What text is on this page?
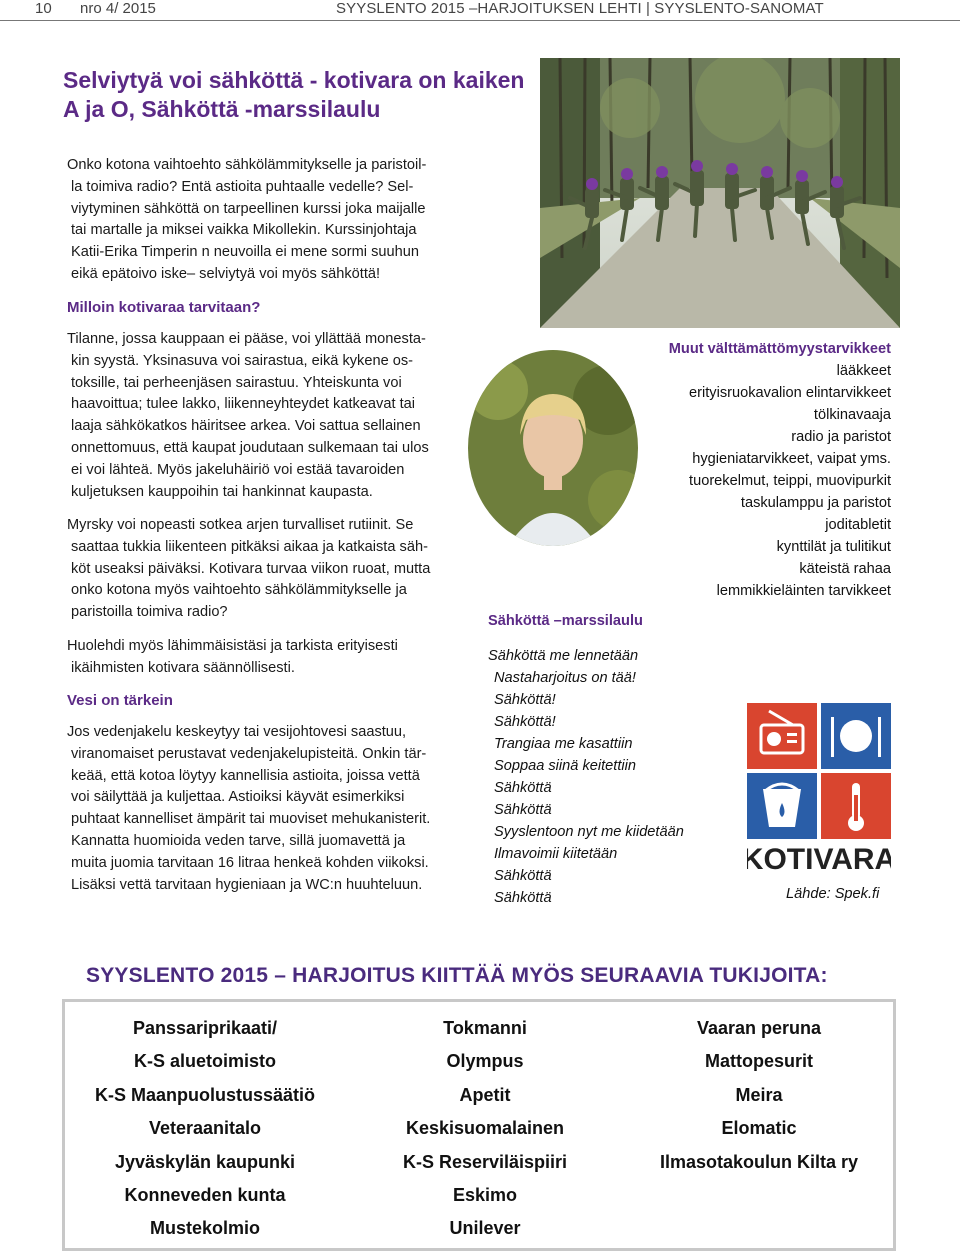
10 nro 4/ 2015	SYYSLENTO 2015 –HARJOITUKSEN LEHTI | SYYSLENTO-SANOMAT
Selviytyä voi sähköttä - kotivara on kaiken
A ja O, Sähköttä -marssilaulu
Onko kotona vaihtoehto sähkölämmitykselle ja paristoil-
la toimiva radio? Entä astioita puhtaalle vedelle? Sel-
viytyminen sähköttä on tarpeellinen kurssi joka maijalle
tai martalle ja miksei vaikka Mikollekin. Kurssinjohtaja
Katii-Erika Timperin n neuvoilla ei mene sormi suuhun
eikä epätoivo iske– selviytyä voi myös sähköttä!
Milloin kotivaraa tarvitaan?
Tilanne, jossa kauppaan ei pääse, voi yllättää monesta-
kin syystä. Yksinasuva voi sairastua, eikä kykene os-
toksille, tai perheenjäsen sairastuu. Yhteiskunta voi
haavoittua; tulee lakko, liikenneyhteydet katkeavat tai
laaja sähkökatkos häiritsee arkea. Voi sattua sellainen
onnettomuus, että kaupat joudutaan sulkemaan tai ulos
ei voi lähteä. Myös jakeluhäiriö voi estää tavaroiden
kuljetuksen kauppoihin tai hankinnat kaupasta.
Myrsky voi nopeasti sotkea arjen turvalliset rutiinit. Se
saattaa tukkia liikenteen pitkäksi aikaa ja katkaista säh-
köt useaksi päiväksi. Kotivara turvaa viikon ruoat, mutta
onko kotona myös vaihtoehto sähkölämmitykselle ja
paristoilla toimiva radio?
Huolehdi myös lähimmäisistäsi ja tarkista erityisesti
ikäihmisten kotivara säännöllisesti.
Vesi on tärkein
Jos vedenjakelu keskeytyy tai vesijohtovesi saastuu,
viranomaiset perustavat vedenjakelupisteitä. Onkin tär-
keää, että kotoa löytyy kannellisia astioita, joissa vettä
voi säilyttää ja kuljettaa. Astioiksi käyvät esimerkiksi
puhtaat kannelliset ämpärit tai muoviset mehukanisterit.
Kannatta huomioida veden tarve, sillä juomavettä ja
muita juomia tarvitaan 16 litraa henkeä kohden viikoksi.
Lisäksi vettä tarvitaan hygieniaan ja WC:n huuhteluun.
Muut välttämättömyystarvikkeet
lääkkeet
erityisruokavalion elintarvikkeet
tölkinavaaja
radio ja paristot
hygieniatarvikkeet, vaipat yms.
tuorekelmut, teippi, muovipurkit
taskulamppu ja paristot
joditabletit
kynttilät ja tulitikut
käteistä rahaa
lemmikkieläinten tarvikkeet
Sähköttä –marssilaulu
Sähköttä me lennetään
Nastaharjoitus on tää!
Sähköttä!
Sähköttä!
Trangiaa me kasattiin
Soppaa siinä keitettiin
Sähköttä
Sähköttä
Syyslentoon nyt me kiidetään
Ilmavoimii kiitetään
Sähköttä
Sähköttä
KOTIVARA
Lähde: Spek.fi
SYYSLENTO 2015 – HARJOITUS KIITTÄÄ MYÖS SEURAAVIA TUKIJOITA:
Panssariprikaati/
K-S aluetoimisto
K-S Maanpuolustussäätiö
Veteraanitalo
Jyväskylän kaupunki
Konneveden kunta
Mustekolmio
Tokmanni
Olympus
Apetit
Keskisuomalainen
K-S Reserviläispiiri
Eskimo
Unilever
Vaaran peruna
Mattopesurit
Meira
Elomatic
Ilmasotakoulun Kilta ry
